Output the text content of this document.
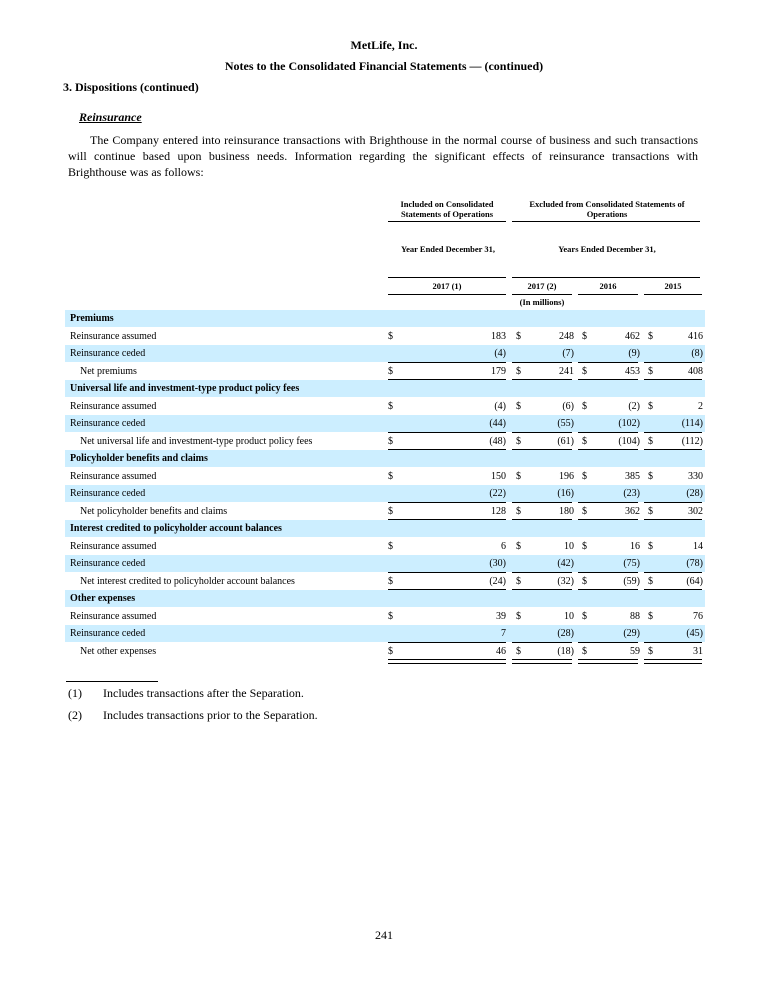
MetLife, Inc.
Notes to the Consolidated Financial Statements — (continued)
3. Dispositions (continued)
Reinsurance
The Company entered into reinsurance transactions with Brighthouse in the normal course of business and such transactions will continue based upon business needs. Information regarding the significant effects of reinsurance transactions with Brighthouse was as follows:
Included on Consolidated Statements of Operations
Excluded from Consolidated Statements of Operations
Year Ended December 31,	Years Ended December 31,
2017 (1)	2017 (2)	2016	2015
(In millions)
Premiums
Reinsurance assumed	$	183 $	248 $	462 $	416
Reinsurance ceded	(4)	(7)	(9)	(8)
Net premiums	$	179 $	241 $	453 $	408
Universal life and investment-type product policy fees
Reinsurance assumed	$	(4) $	(6) $	(2) $	2
Reinsurance ceded	(44)	(55)	(102)	(114)
Net universal life and investment-type product policy fees	$	(48) $	(61) $	(104) $	(112)
Policyholder benefits and claims
Reinsurance assumed	$	150 $	196 $	385 $	330
Reinsurance ceded	(22)	(16)	(23)	(28)
Net policyholder benefits and claims	$	128 $	180 $	362 $	302
Interest credited to policyholder account balances
Reinsurance assumed	$	6 $	10 $	16 $	14
Reinsurance ceded	(30)	(42)	(75)	(78)
Net interest credited to policyholder account balances	$	(24) $	(32) $	(59) $	(64)
Other expenses
Reinsurance assumed	$	39 $	10 $	88 $	76
Reinsurance ceded	7	(28)	(29)	(45)
Net other expenses	$	46 $	(18) $	59 $	31
(1) Includes transactions after the Separation.
(2) Includes transactions prior to the Separation.
241
